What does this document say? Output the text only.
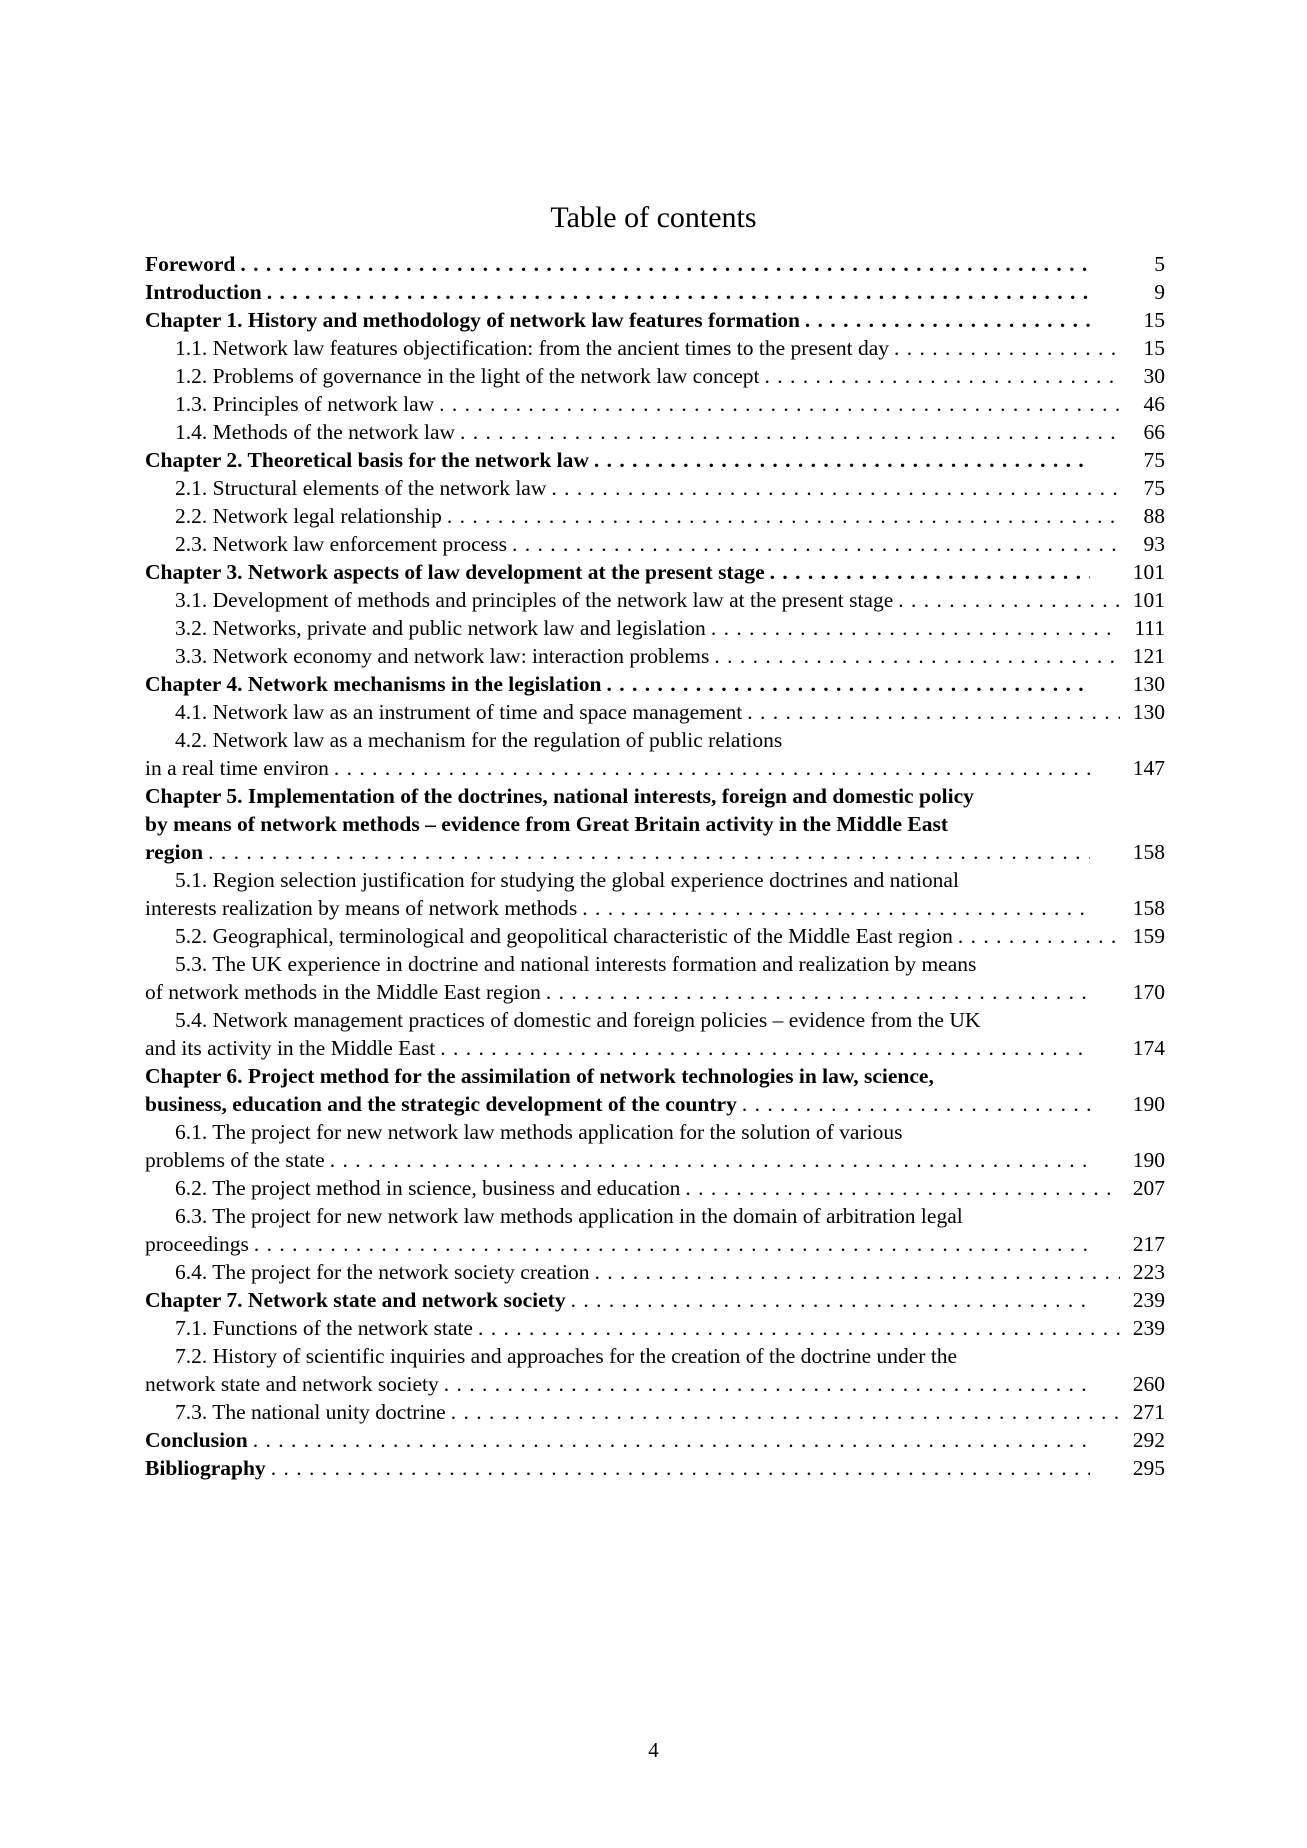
Table of contents
Foreword . . .	5
Introduction . . .	9
Chapter 1. History and methodology of network law features formation . . .	15
1.1. Network law features objectification: from the ancient times to the present day . . .	15
1.2. Problems of governance in the light of the network law concept . . .	30
1.3. Principles of network law . . .	46
1.4. Methods of the network law . . .	66
Chapter 2. Theoretical basis for the network law . . .	75
2.1. Structural elements of the network law . . .	75
2.2. Network legal relationship . . .	88
2.3. Network law enforcement process . . .	93
Chapter 3. Network aspects of law development at the present stage . . .	101
3.1. Development of methods and principles of the network law at the present stage . . .	101
3.2. Networks, private and public network law and legislation . . .	111
3.3. Network economy and network law: interaction problems . . .	121
Chapter 4. Network mechanisms in the legislation . . .	130
4.1. Network law as an instrument of time and space management . . .	130
4.2. Network law as a mechanism for the regulation of public relations
in a real time environ . . .	147
Chapter 5. Implementation of the doctrines, national interests, foreign and domestic policy
by means of network methods – evidence from Great Britain activity in the Middle East
region . . .	158
5.1. Region selection justification for studying the global experience doctrines and national
interests realization by means of network methods . . .	158
5.2. Geographical, terminological and geopolitical characteristic of the Middle East region . . .	159
5.3. The UK experience in doctrine and national interests formation and realization by means
of network methods in the Middle East region . . .	170
5.4. Network management practices of domestic and foreign policies – evidence from the UK
and its activity in the Middle East . . .	174
Chapter 6. Project method for the assimilation of network technologies in law, science,
business, education and the strategic development of the country . . .	190
6.1. The project for new network law methods application for the solution of various
problems of the state . . .	190
6.2. The project method in science, business and education . . .	207
6.3. The project for new network law methods application in the domain of arbitration legal
proceedings . . .	217
6.4. The project for the network society creation . . .	223
Chapter 7. Network state and network society . . .	239
7.1. Functions of the network state . . .	239
7.2. History of scientific inquiries and approaches for the creation of the doctrine under the
network state and network society . . .	260
7.3. The national unity doctrine . . .	271
Conclusion . . .	292
Bibliography . . .	295
4
